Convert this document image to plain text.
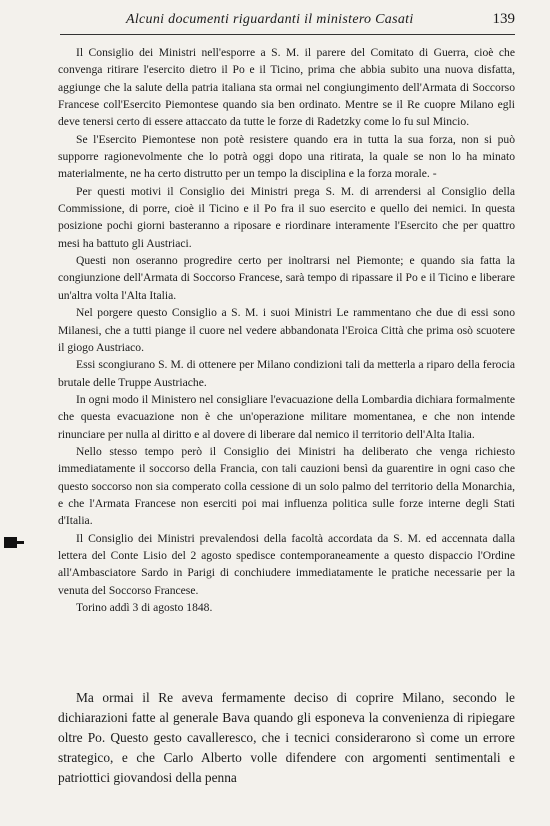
Alcuni documenti riguardanti il ministero Casati	139

Il Consiglio dei Ministri nell'esporre a S. M. il parere del Comitato di Guerra, cioè che convenga ritirare l'esercito dietro il Po e il Ticino, prima che abbia subito una nuova disfatta, aggiunge che la salute della patria italiana sta ormai nel congiungimento dell'Armata di Soccorso Francese coll'Esercito Piemontese quando sia ben ordinato. Mentre se il Re cuopre Milano egli deve tenersi certo di essere attaccato da tutte le forze di Radetzky come lo fu sul Mincio.

Se l'Esercito Piemontese non potè resistere quando era in tutta la sua forza, non si può supporre ragionevolmente che lo potrà oggi dopo una ritirata, la quale se non lo ha minato materialmente, ne ha certo distrutto per un tempo la disciplina e la forza morale. -

Per questi motivi il Consiglio dei Ministri prega S. M. di arrendersi al Consiglio della Commissione, di porre, cioè il Ticino e il Po fra il suo esercito e quello dei nemici. In questa posizione pochi giorni basteranno a riposare e riordinare interamente l'Esercito che per quattro mesi ha battuto gli Austriaci.

Questi non oseranno progredire certo per inoltrarsi nel Piemonte; e quando sia fatta la congiunzione dell'Armata di Soccorso Francese, sarà tempo di ripassare il Po e il Ticino e liberare un'altra volta l'Alta Italia.

Nel porgere questo Consiglio a S. M. i suoi Ministri Le rammentano che due di essi sono Milanesi, che a tutti piange il cuore nel vedere abbandonata l'Eroica Città che prima osò scuotere il giogo Austriaco.

Essi scongiurano S. M. di ottenere per Milano condizioni tali da metterla a riparo della ferocia brutale delle Truppe Austriache.

In ogni modo il Ministero nel consigliare l'evacuazione della Lombardia dichiara formalmente che questa evacuazione non è che un'operazione militare momentanea, e che non intende rinunciare per nulla al diritto e al dovere di liberare dal nemico il territorio dell'Alta Italia.

Nello stesso tempo però il Consiglio dei Ministri ha deliberato che venga richiesto immediatamente il soccorso della Francia, con tali cauzioni bensì da guarentire in ogni caso che questo soccorso non sia comperato colla cessione di un solo palmo del territorio della Monarchia, e che l'Armata Francese non eserciti poi mai influenza politica sulle forze interne degli Stati d'Italia.

Il Consiglio dei Ministri prevalendosi della facoltà accordata da S. M. ed accennata dalla lettera del Conte Lisio del 2 agosto spedisce contemporaneamente a questo dispaccio l'Ordine all'Ambasciatore Sardo in Parigi di conchiudere immediatamente le pratiche necessarie per la venuta del Soccorso Francese.

Torino addì 3 di agosto 1848.

Ma ormai il Re aveva fermamente deciso di coprire Milano, secondo le dichiarazioni fatte al generale Bava quando gli esponeva la convenienza di ripiegare oltre Po. Questo gesto cavalleresco, che i tecnici considerarono sì come un errore strategico, e che Carlo Alberto volle difendere con argomenti sentimentali e patriottici giovandosi della penna
